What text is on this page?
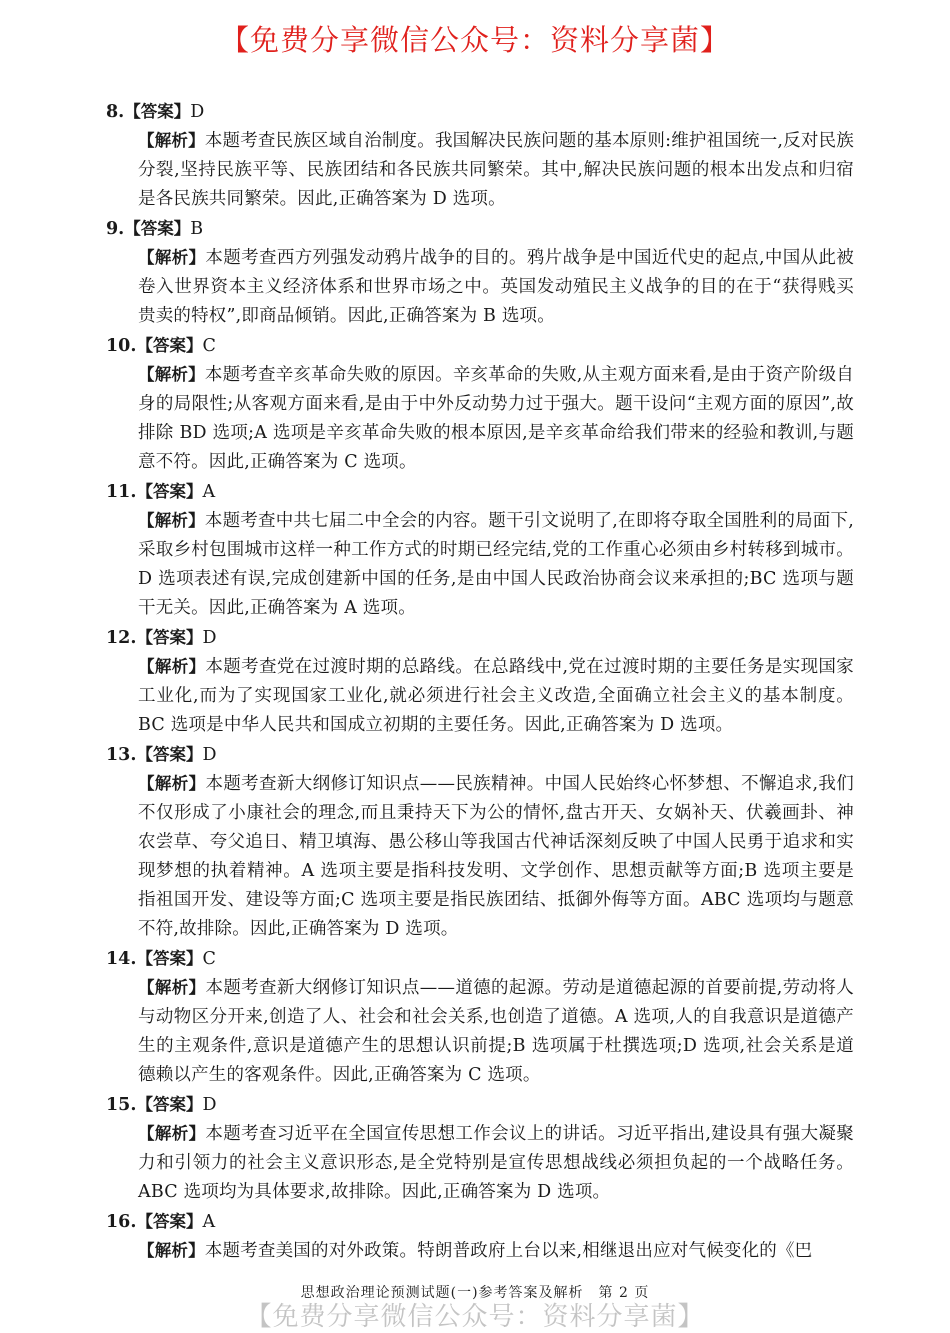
【免费分享微信公众号：资料分享菌】
8.【答案】D
【解析】本题考查民族区域自治制度。我国解决民族问题的基本原则:维护祖国统一,反对民族分裂,坚持民族平等、民族团结和各民族共同繁荣。其中,解决民族问题的根本出发点和归宿是各民族共同繁荣。因此,正确答案为 D 选项。
9.【答案】B
【解析】本题考查西方列强发动鸦片战争的目的。鸦片战争是中国近代史的起点,中国从此被卷入世界资本主义经济体系和世界市场之中。英国发动殖民主义战争的目的在于“获得贱买贵卖的特权”,即商品倾销。因此,正确答案为 B 选项。
10.【答案】C
【解析】本题考查辛亥革命失败的原因。辛亥革命的失败,从主观方面来看,是由于资产阶级自身的局限性;从客观方面来看,是由于中外反动势力过于强大。题干设问“主观方面的原因”,故排除 BD 选项;A 选项是辛亥革命失败的根本原因,是辛亥革命给我们带来的经验和教训,与题意不符。因此,正确答案为 C 选项。
11.【答案】A
【解析】本题考查中共七届二中全会的内容。题干引文说明了,在即将夺取全国胜利的局面下,采取乡村包围城市这样一种工作方式的时期已经完结,党的工作重心必须由乡村转移到城市。D 选项表述有误,完成创建新中国的任务,是由中国人民政治协商会议来承担的;BC 选项与题干无关。因此,正确答案为 A 选项。
12.【答案】D
【解析】本题考查党在过渡时期的总路线。在总路线中,党在过渡时期的主要任务是实现国家工业化,而为了实现国家工业化,就必须进行社会主义改造,全面确立社会主义的基本制度。BC 选项是中华人民共和国成立初期的主要任务。因此,正确答案为 D 选项。
13.【答案】D
【解析】本题考查新大纲修订知识点——民族精神。中国人民始终心怀梦想、不懈追求,我们不仅形成了小康社会的理念,而且秉持天下为公的情怀,盘古开天、女娲补天、伏羲画卦、神农尝草、夸父追日、精卫填海、愚公移山等我国古代神话深刻反映了中国人民勇于追求和实现梦想的执着精神。A 选项主要是指科技发明、文学创作、思想贡献等方面;B 选项主要是指祖国开发、建设等方面;C 选项主要是指民族团结、抵御外侮等方面。ABC 选项均与题意不符,故排除。因此,正确答案为 D 选项。
14.【答案】C
【解析】本题考查新大纲修订知识点——道德的起源。劳动是道德起源的首要前提,劳动将人与动物区分开来,创造了人、社会和社会关系,也创造了道德。A 选项,人的自我意识是道德产生的主观条件,意识是道德产生的思想认识前提;B 选项属于杜撰选项;D 选项,社会关系是道德赖以产生的客观条件。因此,正确答案为 C 选项。
15.【答案】D
【解析】本题考查习近平在全国宣传思想工作会议上的讲话。习近平指出,建设具有强大凝聚力和引领力的社会主义意识形态,是全党特别是宣传思想战线必须担负起的一个战略任务。ABC 选项均为具体要求,故排除。因此,正确答案为 D 选项。
16.【答案】A
【解析】本题考查美国的对外政策。特朗普政府上台以来,相继退出应对气候变化的《巴
思想政治理论预测试题(一)参考答案及解析　第 2 页
【免费分享微信公众号：资料分享菌】
